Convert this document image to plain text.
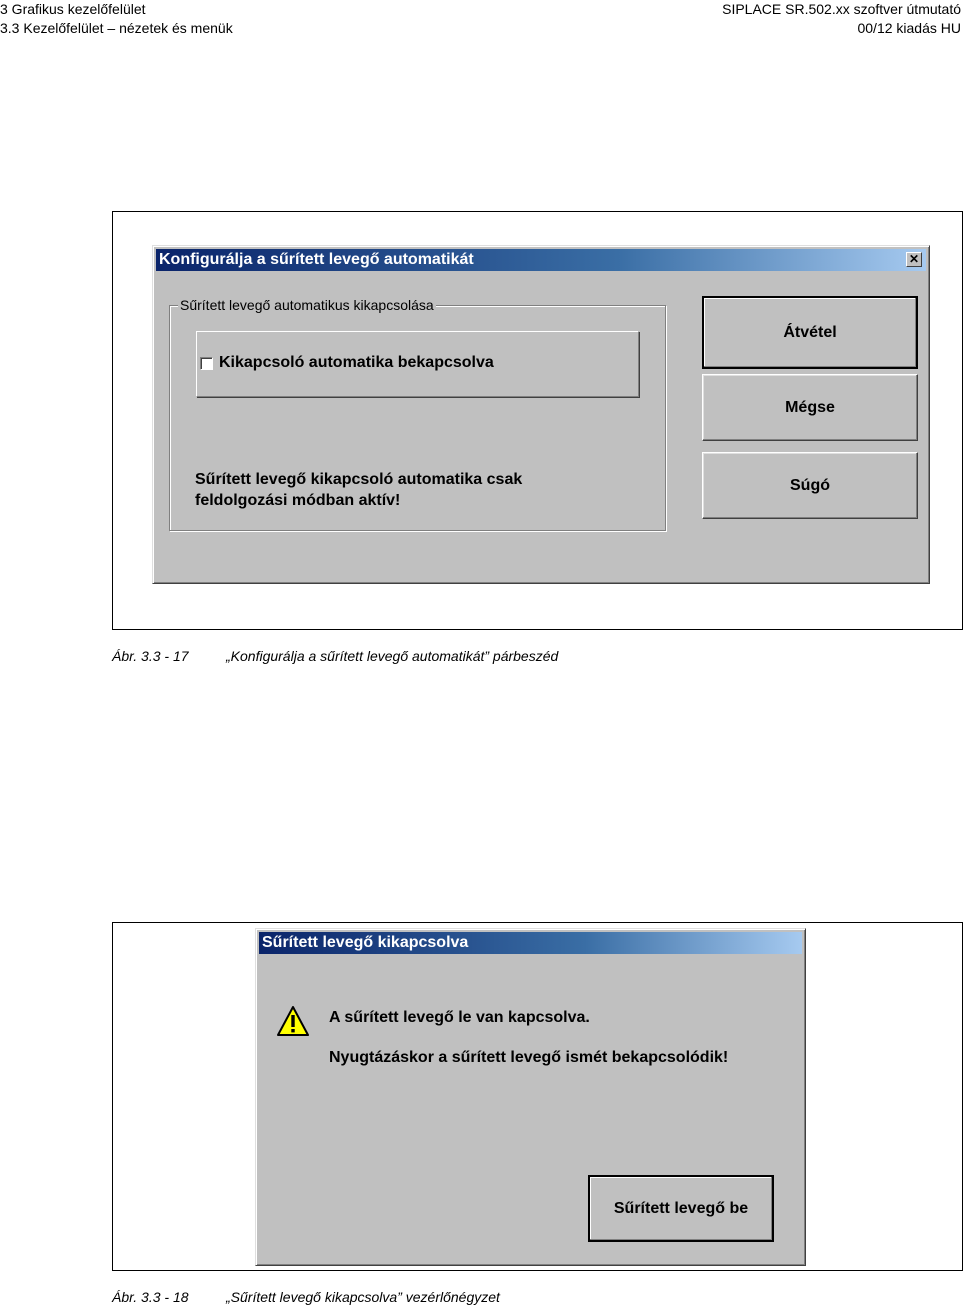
3 Grafikus kezelőfelület
3.3 Kezelőfelület – nézetek és menük
SIPLACE SR.502.xx szoftver útmutató
00/12 kiadás HU
Konfigurálja a sűrített levegő automatikát	✕
Sűrített levegő automatikus kikapcsolása
Kikapcsoló automatika bekapcsolva
Sűrített levegő kikapcsoló automatika csak
feldolgozási módban aktív!
Átvétel
Mégse
Súgó
Ábr. 3.3 - 17	„Konfigurálja a sűrített levegő automatikát” párbeszéd
Sűrített levegő kikapcsolva
A sűrített levegő le van kapcsolva.
Nyugtázáskor a sűrített levegő ismét bekapcsolódik!
Sűrített levegő be
Ábr. 3.3 - 18	„Sűrített levegő kikapcsolva” vezérlőnégyzet
